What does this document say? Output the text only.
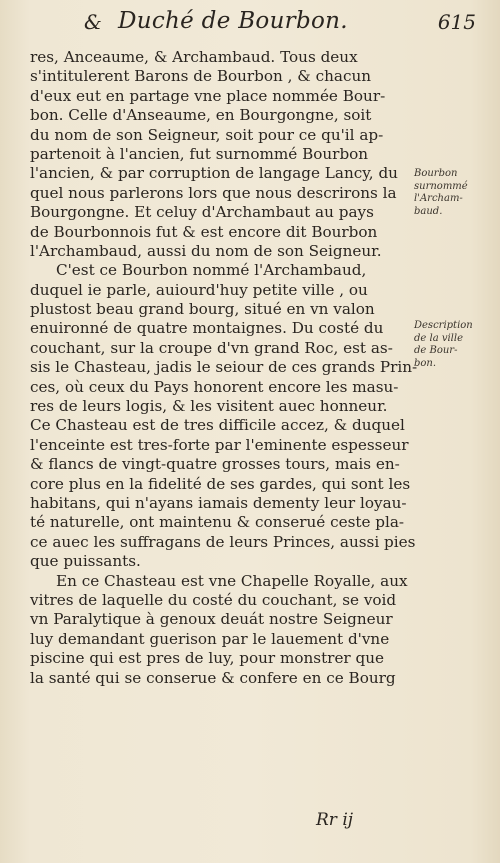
& Duché de Bourbon.	615
res, Anceaume, & Archambaud. Tous deux
s'intitulerent Barons de Bourbon , & chacun
d'eux eut en partage vne place nommée Bour-
bon. Celle d'Anseaume, en Bourgongne, soit
du nom de son Seigneur, soit pour ce qu'il ap-
partenoit à l'ancien, fut surnommé Bourbon
l'ancien, & par corruption de langage Lancy, du
quel nous parlerons lors que nous descrirons la
Bourgongne. Et celuy d'Archambaut au pays
de Bourbonnois fut & est encore dit Bourbon
l'Archambaud, aussi du nom de son Seigneur.
C'est ce Bourbon nommé l'Archambaud,
duquel ie parle, auiourd'huy petite ville , ou
plustost beau grand bourg, situé en vn valon
enuironné de quatre montaignes. Du costé du
couchant, sur la croupe d'vn grand Roc, est as-
sis le Chasteau, jadis le seiour de ces grands Prin-
ces, où ceux du Pays honorent encore les masu-
res de leurs logis, & les visitent auec honneur.
Ce Chasteau est de tres difficile accez, & duquel
l'enceinte est tres-forte par l'eminente espesseur
& flancs de vingt-quatre grosses tours, mais en-
core plus en la fidelité de ses gardes, qui sont les
habitans, qui n'ayans iamais dementy leur loyau-
té naturelle, ont maintenu & conserué ceste pla-
ce auec les suffragans de leurs Princes, aussi pies
que puissants.
En ce Chasteau est vne Chapelle Royalle, aux
vitres de laquelle du costé du couchant, se void
vn Paralytique à genoux deuát nostre Seigneur
luy demandant guerison par le lauement d'vne
piscine qui est pres de luy, pour monstrer que
la santé qui se conserue & confere en ce Bourg
Bourbon
surnommé
l'Archam-
baud.
Description
de la ville
de Bour-
bon.
Rr ij
